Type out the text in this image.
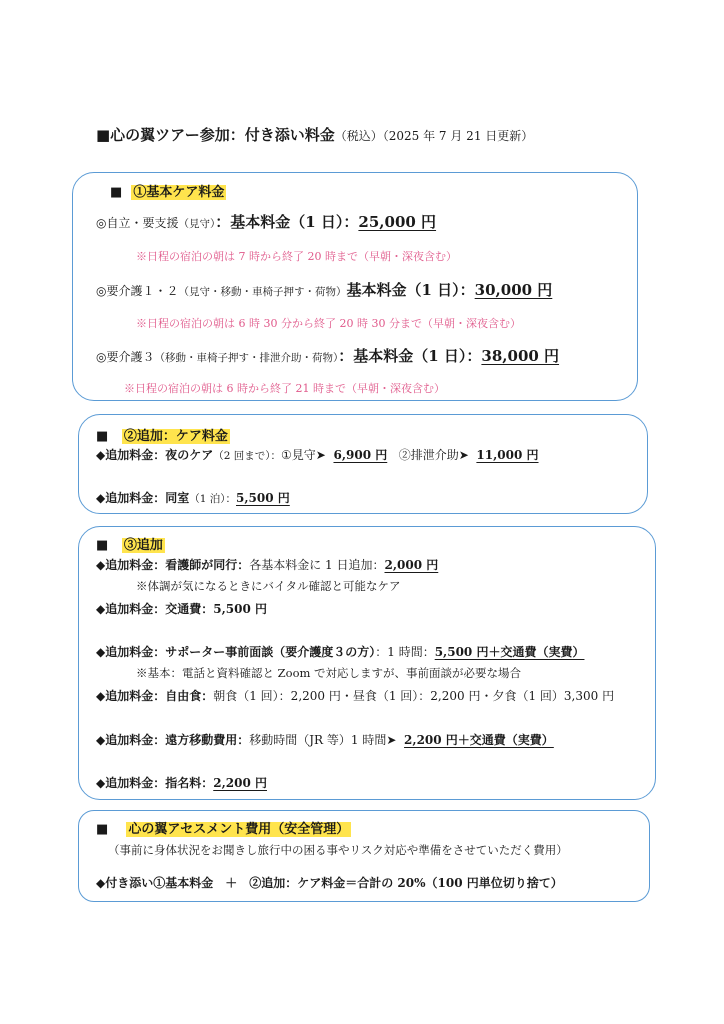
■心の翼ツアー参加：付き添い料金（税込）（2025 年 7 月 21 日更新）
■ ①基本ケア料金
◎自立・要支援（見守）：基本料金（1 日）：25,000 円
※日程の宿泊の朝は 7 時から終了 20 時まで（早朝・深夜含む）
◎要介護１・２（見守・移動・車椅子押す・荷物）基本料金（1 日）：30,000 円
※日程の宿泊の朝は 6 時 30 分から終了 20 時 30 分まで（早朝・深夜含む）
◎要介護３（移動・車椅子押す・排泄介助・荷物）：基本料金（1 日）：38,000 円
※日程の宿泊の朝は 6 時から終了 21 時まで（早朝・深夜含む）
■ ②追加：ケア料金
◆追加料金：夜のケア（2 回まで）：①見守➤ 6,900 円 ②排泄介助➤ 11,000 円
◆追加料金：同室（1 泊）：5,500 円
■ ③追加
◆追加料金：看護師が同行：各基本料金に 1 日追加：2,000 円
※体調が気になるときにバイタル確認と可能なケア
◆追加料金：交通費：5,500 円
◆追加料金：サポーター事前面談（要介護度３の方）：1 時間：5,500 円＋交通費（実費）
※基本：電話と資料確認と Zoom で対応しますが、事前面談が必要な場合
◆追加料金：自由食：朝食（1 回）：2,200 円・昼食（1 回）：2,200 円・夕食（1 回）3,300 円
◆追加料金：遠方移動費用：移動時間（JR 等）1 時間➤ 2,200 円＋交通費（実費）
◆追加料金：指名料：2,200 円
■ 心の翼アセスメント費用（安全管理）
（事前に身体状況をお聞きし旅行中の困る事やリスク対応や準備をさせていただく費用）
◆付き添い①基本料金　＋　②追加：ケア料金＝合計の 20%（100 円単位切り捨て）
